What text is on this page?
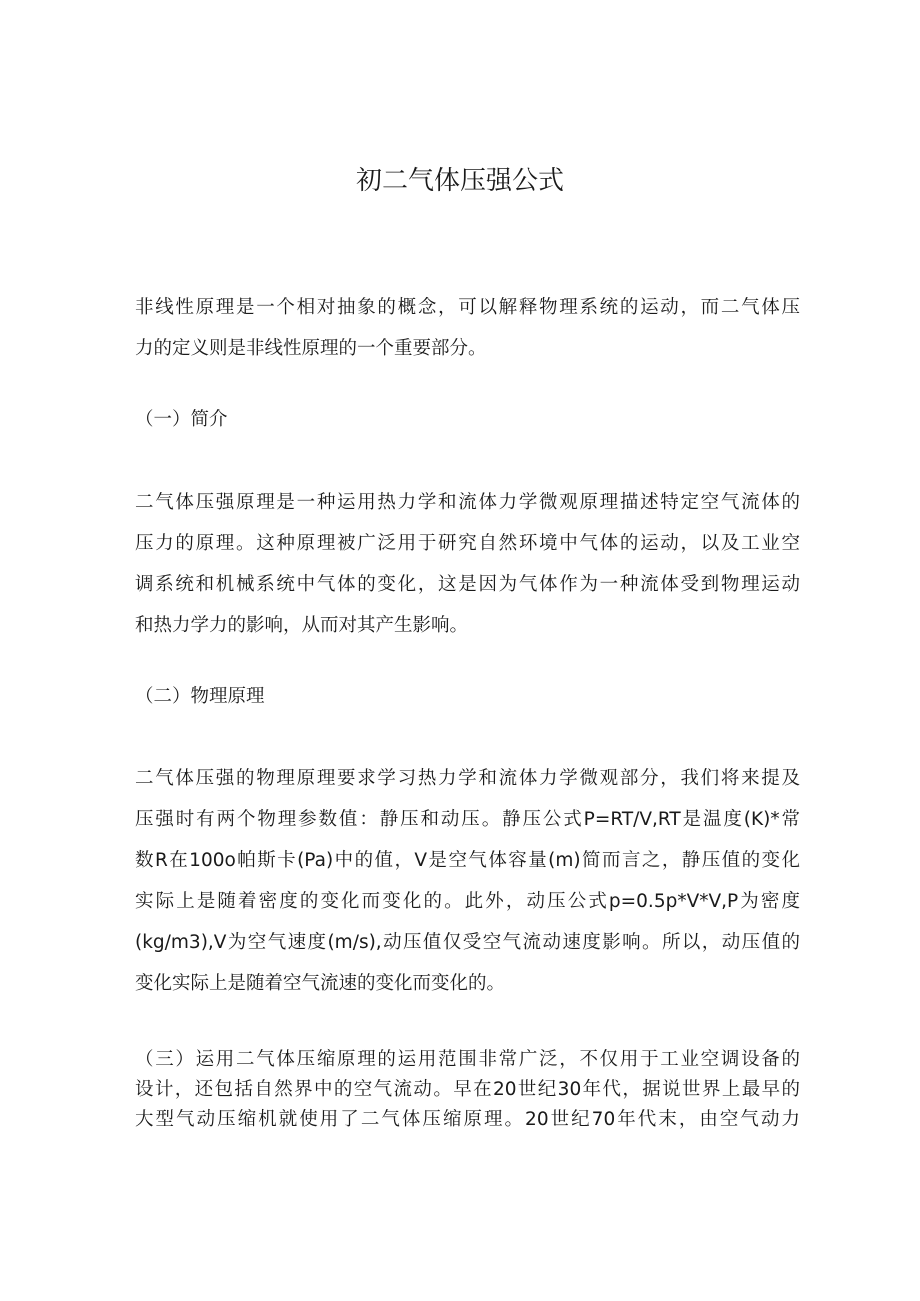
初二气体压强公式
非线性原理是一个相对抽象的概念，可以解释物理系统的运动，而二气体压
力的定义则是非线性原理的一个重要部分。
（一）简介
二气体压强原理是一种运用热力学和流体力学微观原理描述特定空气流体的
压力的原理。这种原理被广泛用于研究自然环境中气体的运动，以及工业空
调系统和机械系统中气体的变化，这是因为气体作为一种流体受到物理运动
和热力学力的影响，从而对其产生影响。
（二）物理原理
二气体压强的物理原理要求学习热力学和流体力学微观部分，我们将来提及
压强时有两个物理参数值：静压和动压。静压公式P=RT/V,RT是温度(K)*常
数R在100o帕斯卡(Pa)中的值，V是空气体容量(m)简而言之，静压值的变化
实际上是随着密度的变化而变化的。此外，动压公式p=0.5p*V*V,P为密度
(kg/m3),V为空气速度(m/s),动压值仅受空气流动速度影响。所以，动压值的
变化实际上是随着空气流速的变化而变化的。
（三）运用二气体压缩原理的运用范围非常广泛，不仅用于工业空调设备的
设计，还包括自然界中的空气流动。早在20世纪30年代，据说世界上最早的
大型气动压缩机就使用了二气体压缩原理。20世纪70年代末，由空气动力
